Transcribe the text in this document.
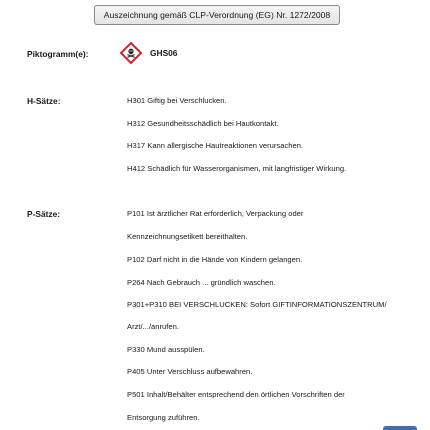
Auszeichnung gemäß CLP-Verordnung (EG) Nr. 1272/2008
Piktogramm(e):	GHS06
H-Sätze:	H301 Giftig bei Verschlucken.
H312 Gesundheitsschädlich bei Hautkontakt.
H317 Kann allergische Hautreaktionen verursachen.
H412 Schädlich für Wasserorganismen, mit langfristiger Wirkung.
P-Sätze:	P101 Ist ärztlicher Rat erforderlich, Verpackung oder
Kennzeichnungsetikett bereithalten.
P102 Darf nicht in die Hände von Kindern gelangen.
P264 Nach Gebrauch ... gründlich waschen.
P301+P310 BEI VERSCHLUCKEN: Sofort GIFTINFORMATIONSZENTRUM/
Arzt/.../anrufen.
P330 Mund ausspülen.
P405 Unter Verschluss aufbewahren.
P501 Inhalt/Behälter entsprechend den örtlichen Vorschriften der
Entsorgung zuführen.
